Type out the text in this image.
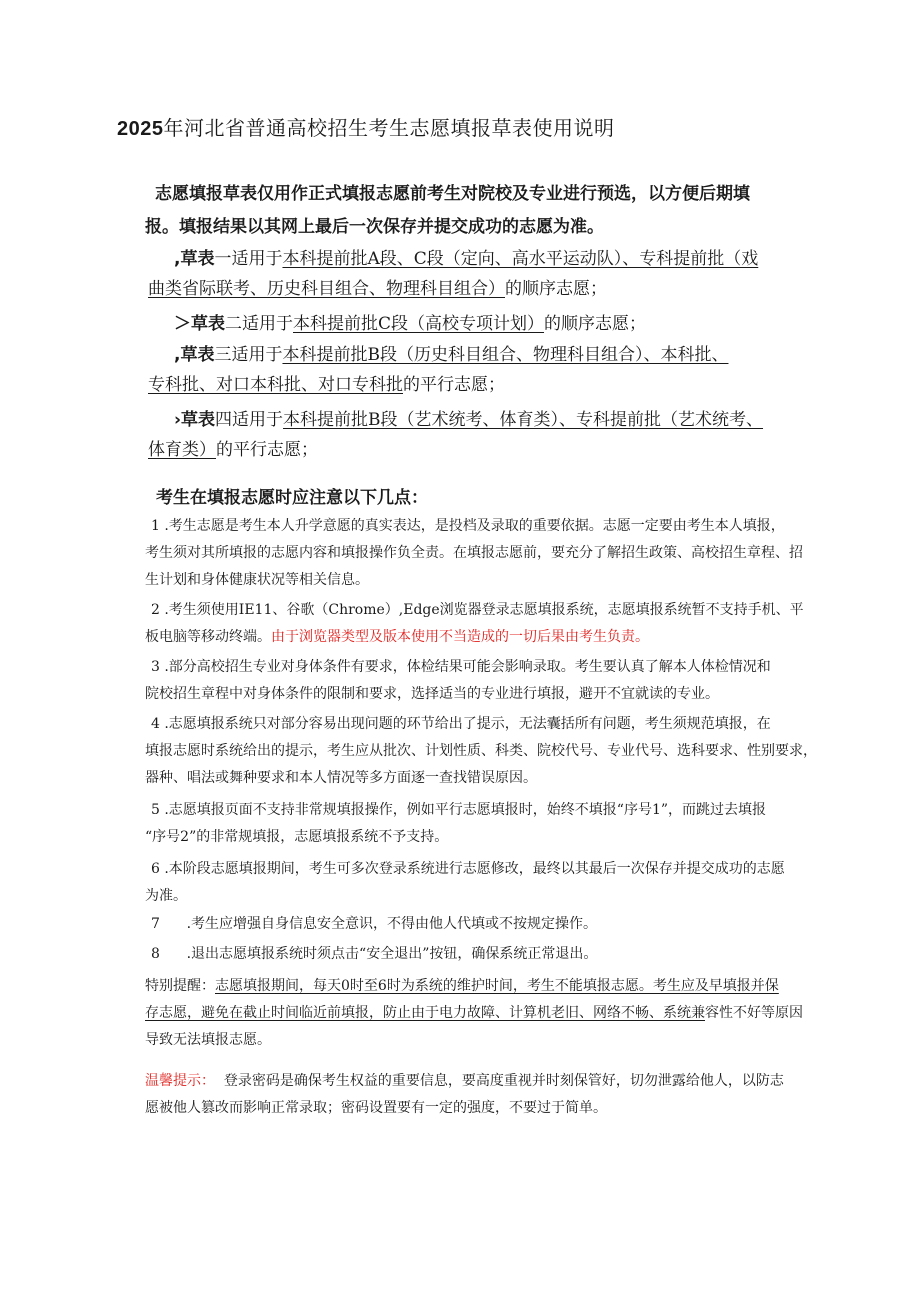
2025年河北省普通高校招生考生志愿填报草表使用说明
志愿填报草表仅用作正式填报志愿前考生对院校及专业进行预选，以方便后期填
报。填报结果以其网上最后一次保存并提交成功的志愿为准。
,草表一适用于本科提前批A段、C段（定向、高水平运动队）、专科提前批（戏
曲类省际联考、历史科目组合、物理科目组合）的顺序志愿；
＞草表二适用于本科提前批C段（高校专项计划）的顺序志愿；
,草表三适用于本科提前批B段（历史科目组合、物理科目组合）、本科批、
专科批、对口本科批、对口专科批的平行志愿；
›草表四适用于本科提前批B段（艺术统考、体育类）、专科提前批（艺术统考、
体育类）的平行志愿；
考生在填报志愿时应注意以下几点：
1 .考生志愿是考生本人升学意愿的真实表达，是投档及录取的重要依据。志愿一定要由考生本人填报，
考生须对其所填报的志愿内容和填报操作负全责。在填报志愿前，要充分了解招生政策、高校招生章程、招
生计划和身体健康状况等相关信息。
2 .考生须使用IE11、谷歌（Chrome）,Edge浏览器登录志愿填报系统，志愿填报系统暂不支持手机、平
板电脑等移动终端。由于浏览器类型及版本使用不当造成的一切后果由考生负责。
3 .部分高校招生专业对身体条件有要求，体检结果可能会影响录取。考生要认真了解本人体检情况和
院校招生章程中对身体条件的限制和要求，选择适当的专业进行填报，避开不宜就读的专业。
4 .志愿填报系统只对部分容易出现问题的环节给出了提示，无法囊括所有问题，考生须规范填报，在
填报志愿时系统给出的提示，考生应从批次、计划性质、科类、院校代号、专业代号、选科要求、性别要求，
器种、唱法或舞种要求和本人情况等多方面逐一查找错误原因。
5 .志愿填报页面不支持非常规填报操作，例如平行志愿填报时，始终不填报“序号1”，而跳过去填报
“序号2”的非常规填报，志愿填报系统不予支持。
6 .本阶段志愿填报期间，考生可多次登录系统进行志愿修改，最终以其最后一次保存并提交成功的志愿
为准。
7      .考生应增强自身信息安全意识，不得由他人代填或不按规定操作。
8      .退出志愿填报系统时须点击“安全退出”按钮，确保系统正常退出。
特别提醒：志愿填报期间，每天0时至6时为系统的维护时间，考生不能填报志愿。考生应及早填报并保
存志愿，避免在截止时间临近前填报，防止由于电力故障、计算机老旧、网络不畅、系统兼容性不好等原因
导致无法填报志愿。
温馨提示： 登录密码是确保考生权益的重要信息，要高度重视并时刻保管好，切勿泄露给他人，以防志
愿被他人篡改而影响正常录取；密码设置要有一定的强度，不要过于简单。
